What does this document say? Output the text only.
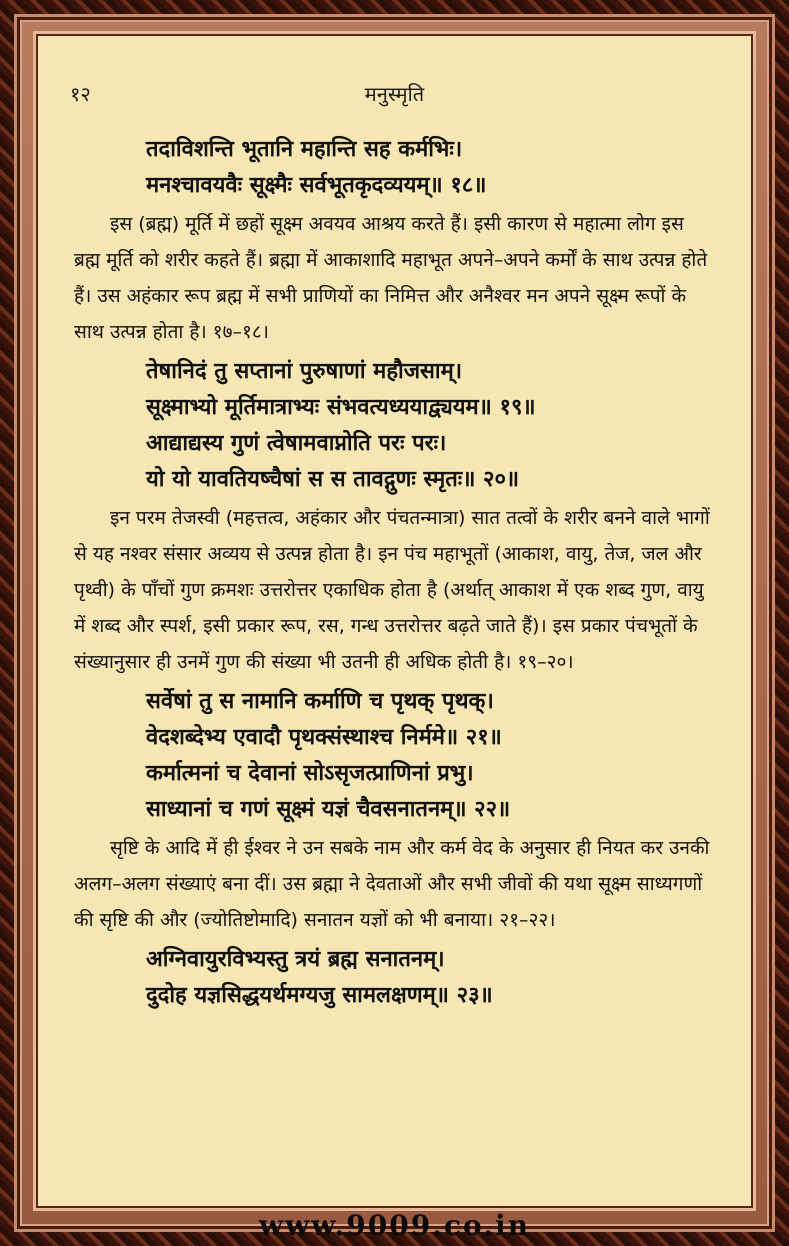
१२	मनुस्मृति
तदाविशन्ति भूतानि महान्ति सह कर्मभिः।
मनश्चावयवैः सूक्ष्मैः सर्वभूतकृदव्ययम्॥ १८॥
इस (ब्रह्म) मूर्ति में छहों सूक्ष्म अवयव आश्रय करते हैं। इसी कारण से महात्मा लोग इस ब्रह्म मूर्ति को शरीर कहते हैं। ब्रह्मा में आकाशादि महाभूत अपने–अपने कर्मों के साथ उत्पन्न होते हैं। उस अहंकार रूप ब्रह्म में सभी प्राणियों का निमित्त और अनैश्वर मन अपने सूक्ष्म रूपों के साथ उत्पन्न होता है। १७–१८।
तेषानिदं तु सप्तानां पुरुषाणां महौजसाम्।
सूक्ष्माभ्यो मूर्तिमात्राभ्यः संभवत्यध्ययाद्व्ययम॥ १९॥
आद्याद्यस्य गुणं त्वेषामवाप्नोति परः परः।
यो यो यावतियष्चैषां स स तावद्गुणः स्मृतः॥ २०॥
इन परम तेजस्वी (महत्तत्व, अहंकार और पंचतन्मात्रा) सात तत्वों के शरीर बनने वाले भागों से यह नश्वर संसार अव्यय से उत्पन्न होता है। इन पंच महाभूतों (आकाश, वायु, तेज, जल और पृथ्वी) के पाँचों गुण क्रमशः उत्तरोत्तर एकाधिक होता है (अर्थात् आकाश में एक शब्द गुण, वायु में शब्द और स्पर्श, इसी प्रकार रूप, रस, गन्ध उत्तरोत्तर बढ़ते जाते हैं)। इस प्रकार पंचभूतों के संख्यानुसार ही उनमें गुण की संख्या भी उतनी ही अधिक होती है। १९–२०।
सर्वेषां तु स नामानि कर्माणि च पृथक् पृथक्।
वेदशब्देभ्य एवादौ पृथक्संस्थाश्च निर्ममे॥ २१॥
कर्मात्मनां च देवानां सोऽसृजत्प्राणिनां प्रभु।
साध्यानां च गणं सूक्ष्मं यज्ञं चैवसनातनम्॥ २२॥
सृष्टि के आदि में ही ईश्वर ने उन सबके नाम और कर्म वेद के अनुसार ही नियत कर उनकी अलग–अलग संख्याएं बना दीं। उस ब्रह्मा ने देवताओं और सभी जीवों की यथा सूक्ष्म साध्यगणों की सृष्टि की और (ज्योतिष्टोमादि) सनातन यज्ञों को भी बनाया। २१–२२।
अग्निवायुरविभ्यस्तु त्रयं ब्रह्म सनातनम्।
दुदोह यज्ञसिद्धयर्थमग्यजु सामलक्षणम्॥ २३॥
www.9009.co.in
